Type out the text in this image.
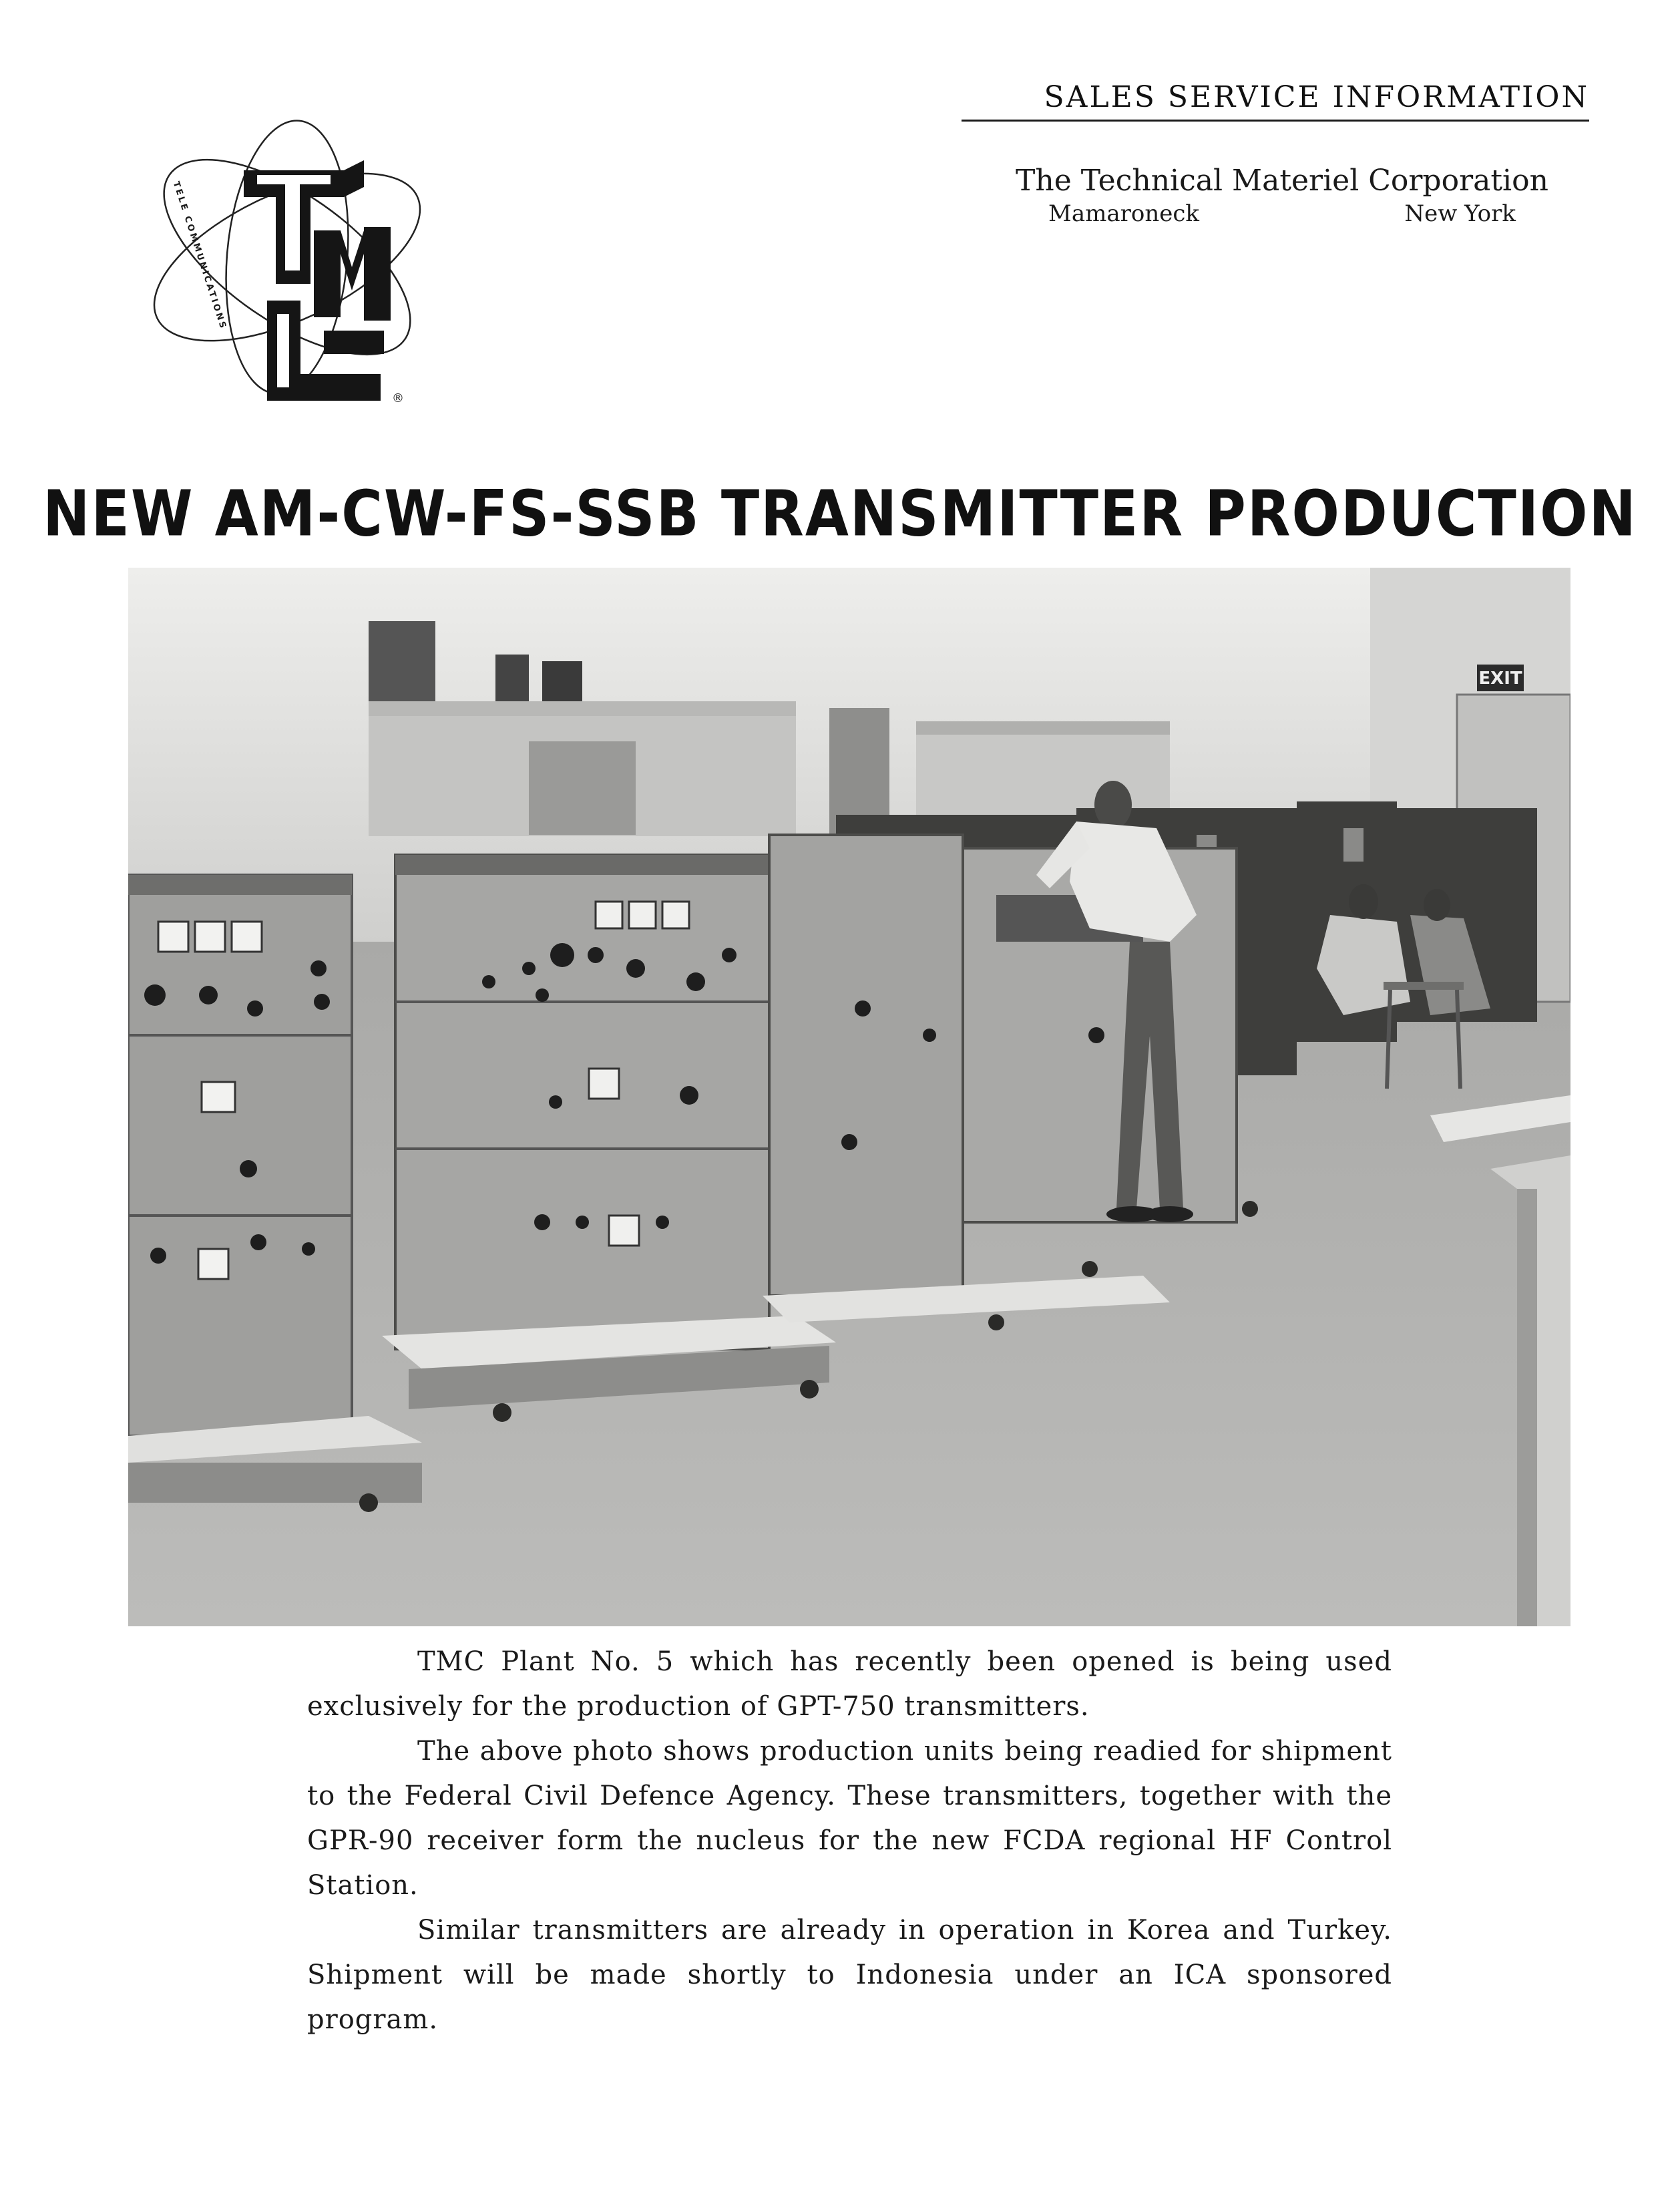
®
TELE COMMUNICATIONS
SALES SERVICE INFORMATION
The Technical Materiel Corporation
Mamaroneck	New York
NEW AM-CW-FS-SSB TRANSMITTER PRODUCTION
EXIT

TMC Plant No. 5 which has recently been opened is being used exclusively for the production of GPT-750 transmitters.

The above photo shows production units being readied for shipment to the Federal Civil Defence Agency. These transmitters, together with the GPR-90 receiver form the nucleus for the new FCDA regional HF Control Station.

Similar transmitters are already in operation in Korea and Turkey. Shipment will be made shortly to Indonesia under an ICA sponsored program.
